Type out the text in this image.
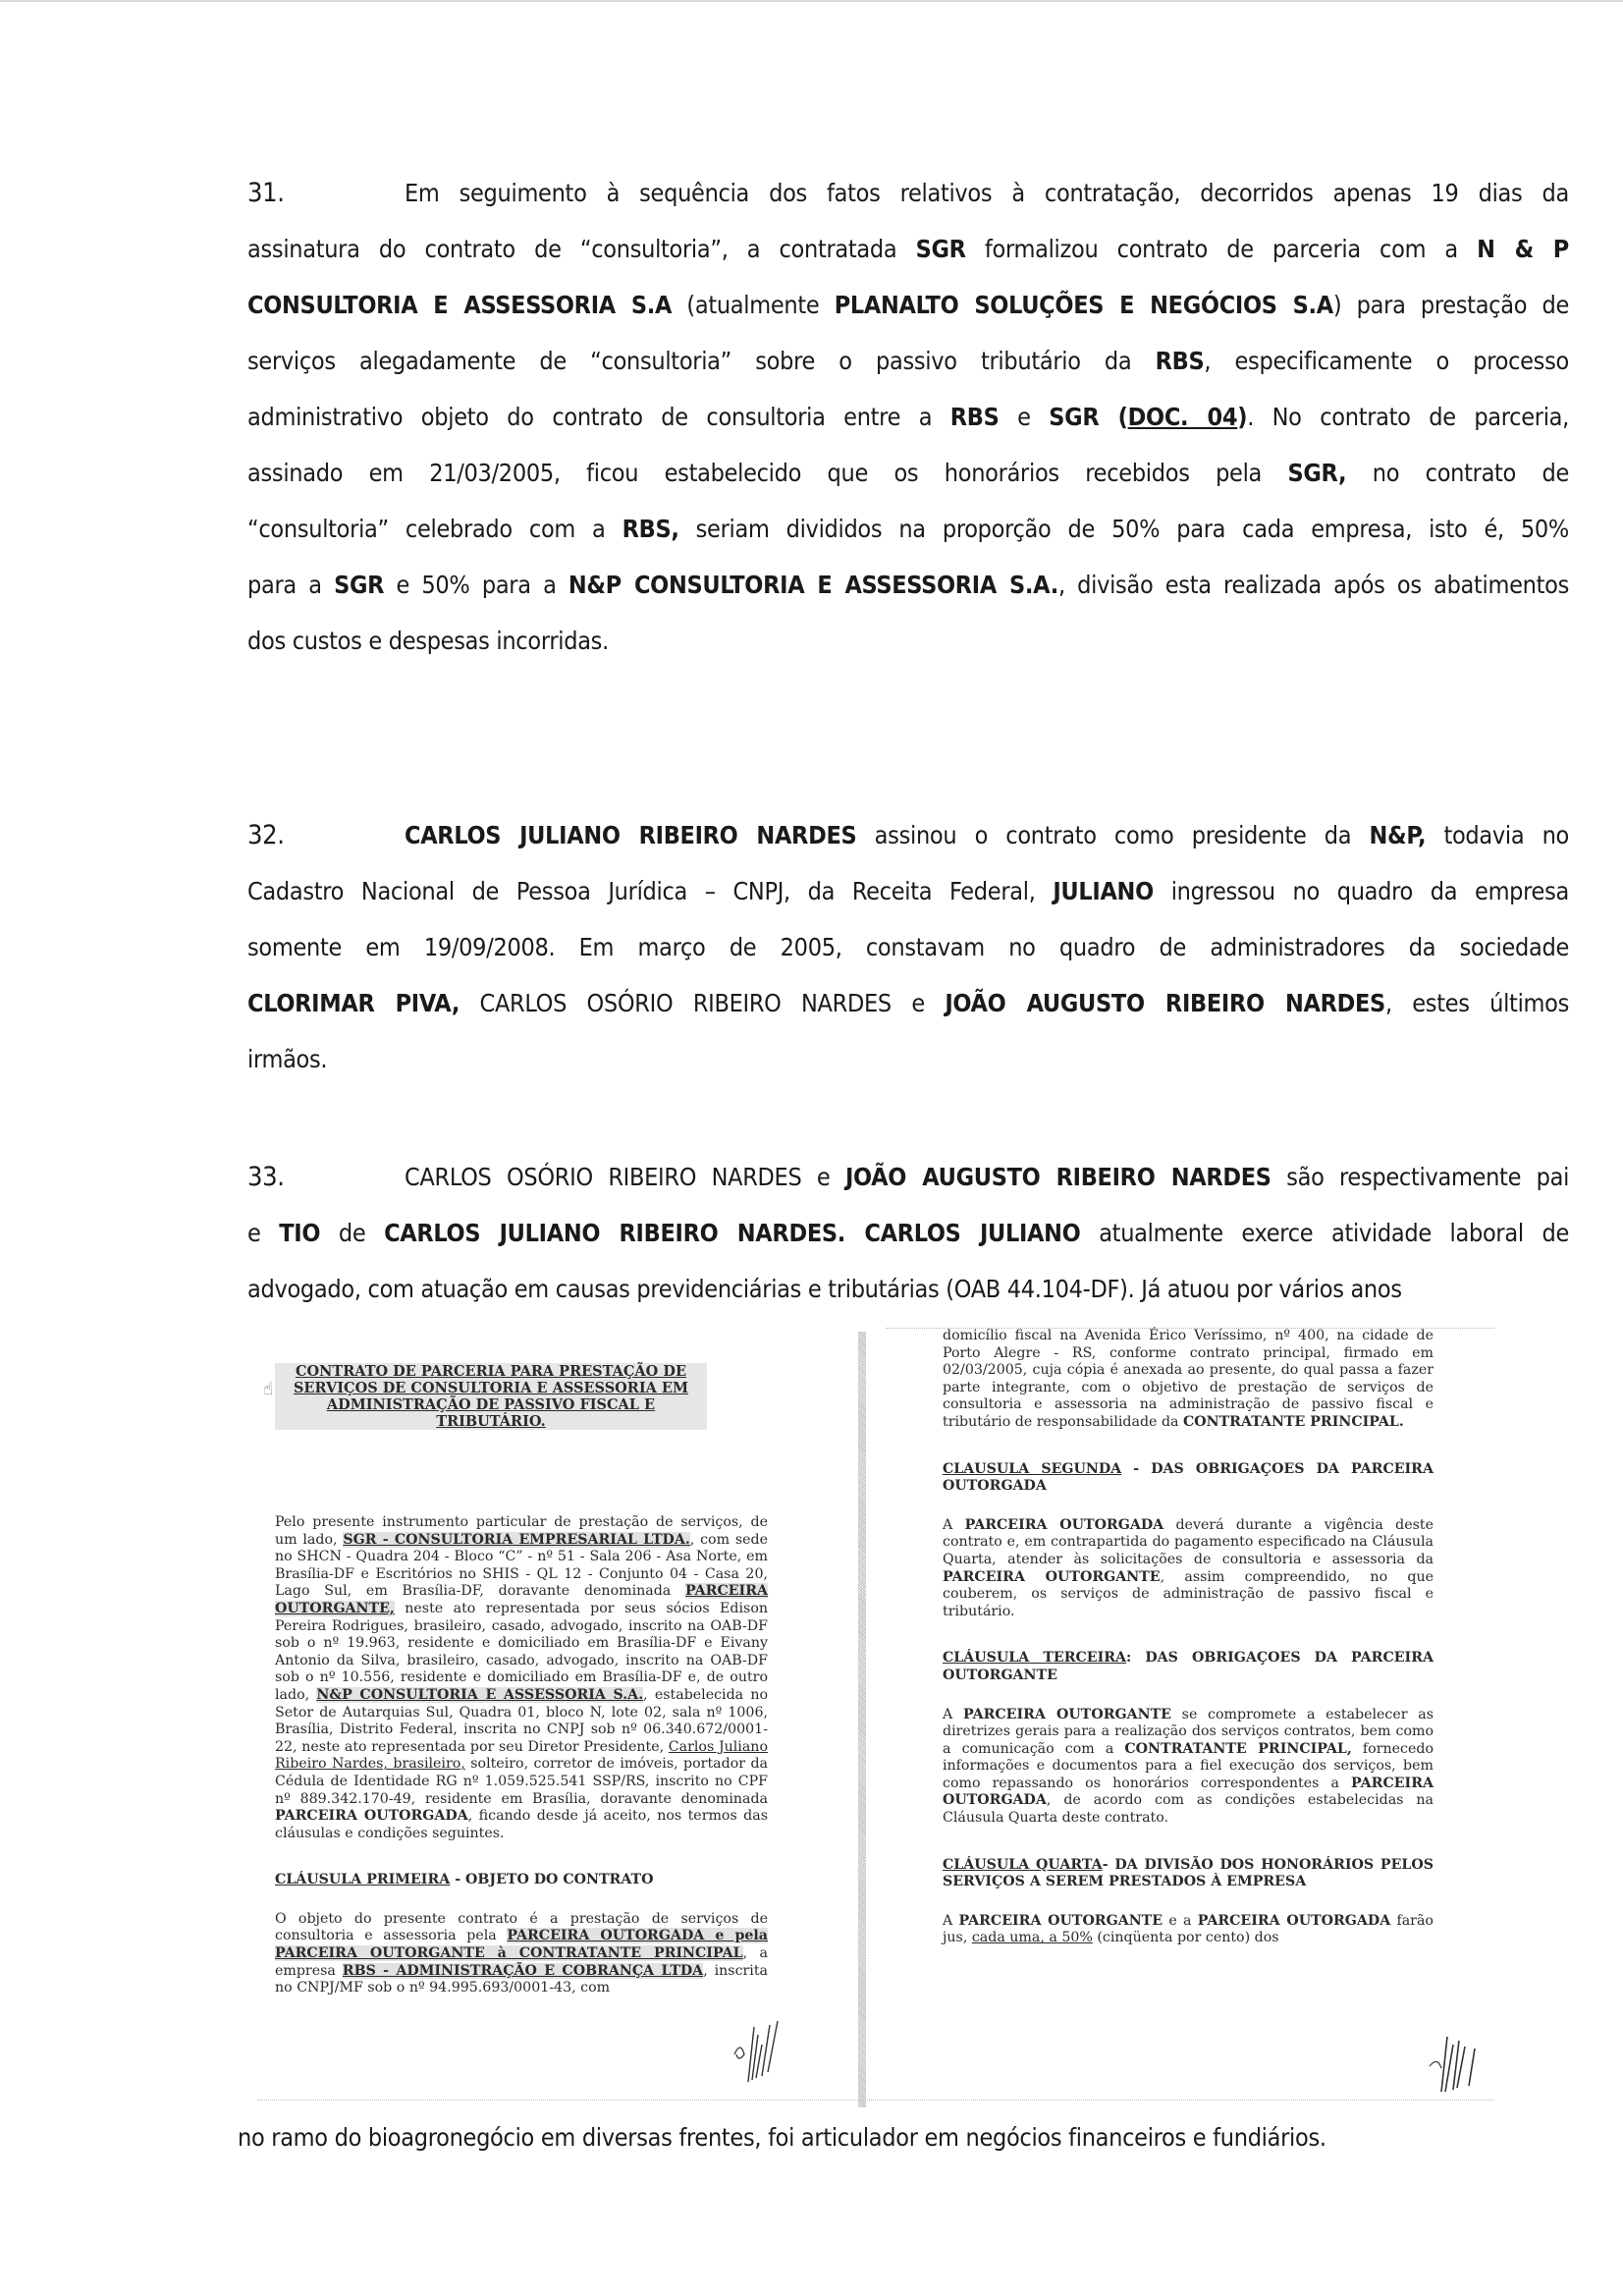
31.	Em seguimento à sequência dos fatos relativos à contratação, decorridos apenas 19 dias da
assinatura do contrato de “consultoria”, a contratada SGR formalizou contrato de parceria com a N & P
CONSULTORIA E ASSESSORIA S.A (atualmente PLANALTO SOLUÇÕES E NEGÓCIOS S.A) para prestação de
serviços alegadamente de “consultoria” sobre o passivo tributário da RBS, especificamente o processo
administrativo objeto do contrato de consultoria entre a RBS e SGR (DOC. 04). No contrato de parceria,
assinado em 21/03/2005, ficou estabelecido que os honorários recebidos pela SGR, no contrato de
“consultoria” celebrado com a RBS, seriam divididos na proporção de 50% para cada empresa, isto é, 50%
para a SGR e 50% para a N&P CONSULTORIA E ASSESSORIA S.A., divisão esta realizada após os abatimentos
dos custos e despesas incorridas.
32.	CARLOS JULIANO RIBEIRO NARDES assinou o contrato como presidente da N&P, todavia no
Cadastro Nacional de Pessoa Jurídica – CNPJ, da Receita Federal, JULIANO ingressou no quadro da empresa
somente em 19/09/2008. Em março de 2005, constavam no quadro de administradores da sociedade
CLORIMAR PIVA, CARLOS OSÓRIO RIBEIRO NARDES e JOÃO AUGUSTO RIBEIRO NARDES, estes últimos
irmãos.
33.	CARLOS OSÓRIO RIBEIRO NARDES e JOÃO AUGUSTO RIBEIRO NARDES são respectivamente pai
e TIO de CARLOS JULIANO RIBEIRO NARDES. CARLOS JULIANO atualmente exerce atividade laboral de
advogado, com atuação em causas previdenciárias e tributárias (OAB 44.104-DF). Já atuou por vários anos
no ramo do bioagronegócio em diversas frentes, foi articulador em negócios financeiros e fundiários.

CONTRATO DE PARCERIA PARA PRESTAÇÃO DE SERVIÇOS DE CONSULTORIA E ASSESSORIA EM ADMINISTRAÇÃO DE PASSIVO FISCAL E TRIBUTÁRIO.

Pelo presente instrumento particular de prestação de serviços, de um lado, SGR - CONSULTORIA EMPRESARIAL LTDA., com sede no SHCN - Quadra 204 - Bloco “C” - nº 51 - Sala 206 - Asa Norte, em Brasília-DF e Escritórios no SHIS - QL 12 - Conjunto 04 - Casa 20, Lago Sul, em Brasília-DF, doravante denominada PARCEIRA OUTORGANTE, neste ato representada por seus sócios Edison Pereira Rodrigues, brasileiro, casado, advogado, inscrito na OAB-DF sob o nº 19.963, residente e domiciliado em Brasília-DF e Eivany Antonio da Silva, brasileiro, casado, advogado, inscrito na OAB-DF sob o nº 10.556, residente e domiciliado em Brasília-DF e, de outro lado, N&P CONSULTORIA E ASSESSORIA S.A., estabelecida no Setor de Autarquias Sul, Quadra 01, bloco N, lote 02, sala nº 1006, Brasília, Distrito Federal, inscrita no CNPJ sob nº 06.340.672/0001-22, neste ato representada por seu Diretor Presidente, Carlos Juliano Ribeiro Nardes, brasileiro, solteiro, corretor de imóveis, portador da Cédula de Identidade RG nº 1.059.525.541 SSP/RS, inscrito no CPF nº 889.342.170-49, residente em Brasília, doravante denominada PARCEIRA OUTORGADA, ficando desde já aceito, nos termos das cláusulas e condições seguintes.

CLÁUSULA PRIMEIRA - OBJETO DO CONTRATO

O objeto do presente contrato é a prestação de serviços de consultoria e assessoria pela PARCEIRA OUTORGADA e pela PARCEIRA OUTORGANTE à CONTRATANTE PRINCIPAL, a empresa RBS - ADMINISTRAÇÃO E COBRANÇA LTDA, inscrita no CNPJ/MF sob o nº 94.995.693/0001-43, com

domicílio fiscal na Avenida Érico Veríssimo, nº 400, na cidade de Porto Alegre - RS, conforme contrato principal, firmado em 02/03/2005, cuja cópia é anexada ao presente, do qual passa a fazer parte integrante, com o objetivo de prestação de serviços de consultoria e assessoria na administração de passivo fiscal e tributário de responsabilidade da CONTRATANTE PRINCIPAL.

CLAUSULA SEGUNDA - DAS OBRIGAÇOES DA PARCEIRA OUTORGADA

A PARCEIRA OUTORGADA deverá durante a vigência deste contrato e, em contrapartida do pagamento especificado na Cláusula Quarta, atender às solicitações de consultoria e assessoria da PARCEIRA OUTORGANTE, assim compreendido, no que couberem, os serviços de administração de passivo fiscal e tributário.

CLÁUSULA TERCEIRA: DAS OBRIGAÇOES DA PARCEIRA OUTORGANTE

A PARCEIRA OUTORGANTE se compromete a estabelecer as diretrizes gerais para a realização dos serviços contratos, bem como a comunicação com a CONTRATANTE PRINCIPAL, fornecedo informações e documentos para a fiel execução dos serviços, bem como repassando os honorários correspondentes a PARCEIRA OUTORGADA, de acordo com as condições estabelecidas na Cláusula Quarta deste contrato.

CLÁUSULA QUARTA- DA DIVISÃO DOS HONORÁRIOS PELOS SERVIÇOS A SEREM PRESTADOS À EMPRESA

A PARCEIRA OUTORGANTE e a PARCEIRA OUTORGADA farão jus, cada uma, a 50% (cinqüenta por cento) dos

☝
